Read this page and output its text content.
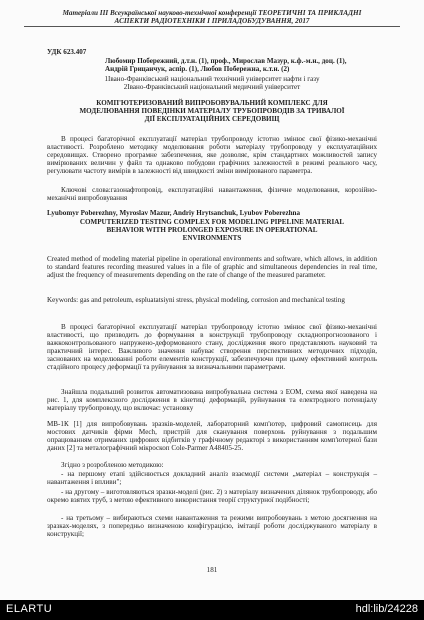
Матеріали III Всеукраїнської науково-технічної конференції ТЕОРЕТИЧНІ ТА ПРИКЛАДНІ
АСПЕКТИ РАДІОТЕХНІКИ І ПРИЛАДОБУДУВАННЯ, 2017
УДК 623.407
Любомир Побережний, д.т.н. (1), проф., Мирослав Мазур, к.ф.-м.н., доц. (1),
Андрій Грицанчук, аспір. (1), Любов Побережна, к.т.н. (2)
1Івано-Франківський національний технічний університет нафти і газу
2Івано-Франківський національний медичний університет
КОМП'ЮТЕРИЗОВАНИЙ ВИПРОБОВУВАЛЬНИЙ КОМПЛЕКС ДЛЯ
МОДЕЛЮВАННЯ ПОВЕДІНКИ МАТЕРІАЛУ ТРУБОПРОВОДІВ ЗА ТРИВАЛОЇ
ДІЇ ЕКСПЛУАТАЦІЙНИХ СЕРЕДОВИЩ
В процесі багаторічної експлуатації матеріал трубопроводу істотно змінює свої фізико-механічні властивості. Розроблено методику моделювання роботи матеріалу трубопроводу у експлуатаційних середовищах. Створено програмне забезпечення, яке дозволяє, крім стандартних можливостей запису вимірюваних величин у файл та однаково побудови графічних залежностей в режимі реального часу, регулювати частоту вимірів в залежності від швидкості зміни вимірюваного параметра.
Ключові слова:газонафтопровід, експлуатаційні навантаження, фізичне моделювання, корозійно-механічні випробовування
Lyubomyr Poberezhny, Myroslav Mazur, Andriy Hrytsanchuk, Lyubov Poberezhna
COMPUTERIZED TESTING COMPLEX FOR MODELING PIPELINE MATERIAL
BEHAVIOR WITH PROLONGED EXPOSURE IN OPERATIONAL
ENVIRONMENTS
Created method of modeling material pipeline in operational environments and software, which allows, in addition to standard features recording measured values in a file of graphic and simultaneous dependencies in real time, adjust the frequency of measurements depending on the rate of change of the measured parameter.
Keywords: gas and petroleum, espluatatsiyni stress, physical modeling, corrosion and mechanical testing
В процесі багаторічної експлуатації матеріал трубопроводу істотно змінює свої фізико-механічні властивості, що призводить до формування в конструкції трубопроводу складнопрогнозованого і важкоконтрольованого напружено-деформованого стану, дослідження якого представляють науковий та практичний інтерес. Важливого значення набуває створення перспективних методичних підходів, заснованих на моделюванні роботи елементів конструкції, забезпечуючи при цьому ефективний контроль стадійного процесу деформації та руйнування за визначальними параметрами.
Знайшла подальший розвиток автоматизована випробувальна система з ЕОМ, схема якої наведена на рис. 1, для комплексного дослідження в кінетиці деформацій, руйнування та електродного потенціалу матеріалу трубопроводу, що включає: установку
МВ-1К [1] для випробовувань зразків-моделей, лабораторний комп'ютер, цифровий самописець для мостових датчиків фірми Mech, пристрій для сканування поверхонь руйнування з подальшим опрацюванням отриманих цифрових відбитків у графічному редакторі з використанням комп'ютерної бази даних [2] та металографічний мікроскоп Cole-Parmer A48405-25.
Згідно з розробленою методикою:
- на першому етапі здійснюється докладний аналіз взаємодії системи „матеріал – конструкція – навантаження і впливи";
- на другому – виготовляються зразки-моделі (рис. 2) з матеріалу визначених ділянок трубопроводу, або окремо взятих труб, з метою ефективного використання теорії структурної подібності;
- на третьому – вибираються схеми навантаження та режими випробовувань з метою досягнення на зразках-моделях, з попередньо визначеною конфігурацією, імітації роботи досліджуваного матеріалу в конструкції;
181
ELARTU	hdl:lib/24228
